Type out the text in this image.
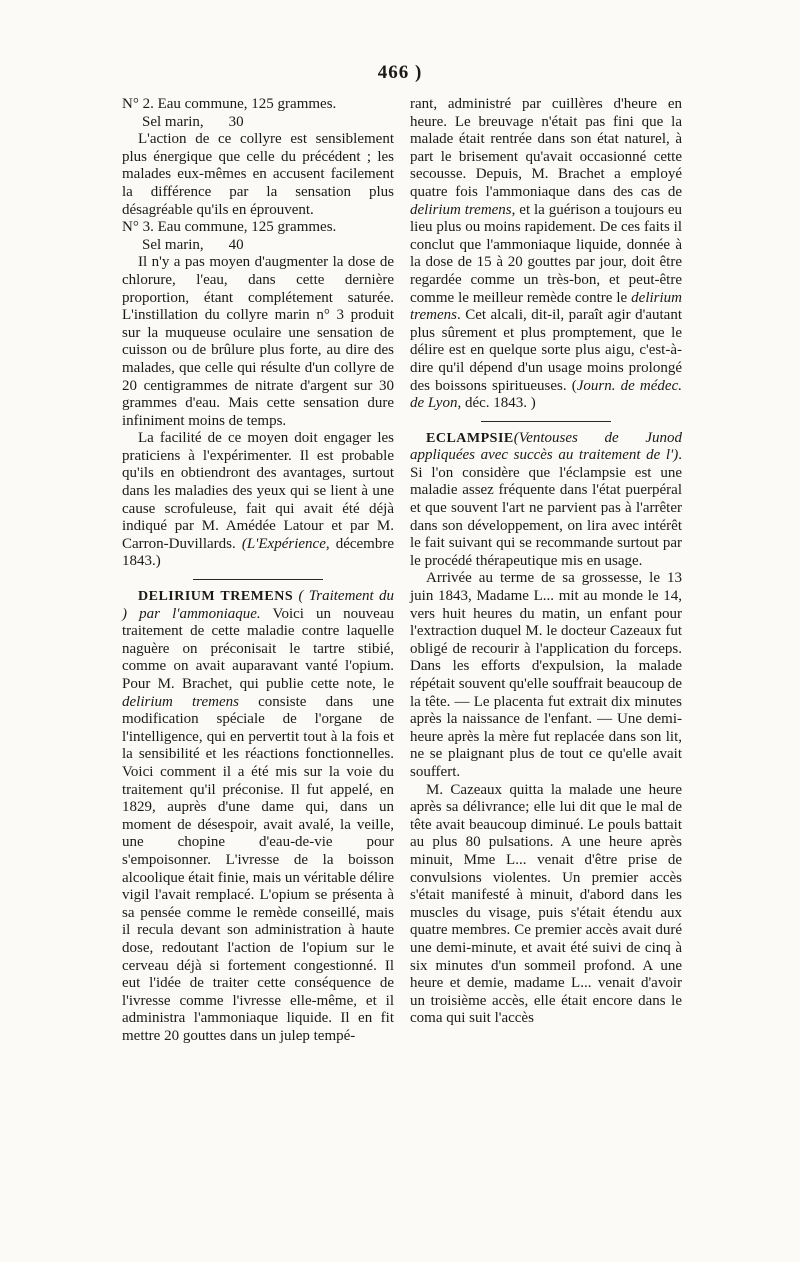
466 )
N° 2. Eau commune, 125 grammes.
Sel marin, 30

L'action de ce collyre est sensiblement plus énergique que celle du précédent ; les malades eux-mêmes en accusent facilement la différence par la sensation plus désagréable qu'ils en éprouvent.

N° 3. Eau commune, 125 grammes.
Sel marin, 40

Il n'y a pas moyen d'augmenter la dose de chlorure, l'eau, dans cette dernière proportion, étant complétement saturée. L'instillation du collyre marin n° 3 produit sur la muqueuse oculaire une sensation de cuisson ou de brûlure plus forte, au dire des malades, que celle qui résulte d'un collyre de 20 centigrammes de nitrate d'argent sur 30 grammes d'eau. Mais cette sensation dure infiniment moins de temps.

La facilité de ce moyen doit engager les praticiens à l'expérimenter. Il est probable qu'ils en obtiendront des avantages, surtout dans les maladies des yeux qui se lient à une cause scrofuleuse, fait qui avait été déjà indiqué par M. Amédée Latour et par M. Carron-Duvillards. (L'Expérience, décembre 1843.)

DELIRIUM TREMENS ( Traitement du ) par l'ammoniaque. Voici un nouveau traitement de cette maladie contre laquelle naguère on préconisait le tartre stibié, comme on avait auparavant vanté l'opium. Pour M. Brachet, qui publie cette note, le delirium tremens consiste dans une modification spéciale de l'organe de l'intelligence, qui en pervertit tout à la fois et la sensibilité et les réactions fonctionnelles. Voici comment il a été mis sur la voie du traitement qu'il préconise. Il fut appelé, en 1829, auprès d'une dame qui, dans un moment de désespoir, avait avalé, la veille, une chopine d'eau-de-vie pour s'empoisonner. L'ivresse de la boisson alcoolique était finie, mais un véritable délire vigil l'avait remplacé. L'opium se présenta à sa pensée comme le remède conseillé, mais il recula devant son administration à haute dose, redoutant l'action de l'opium sur le cerveau déjà si fortement congestionné. Il eut l'idée de traiter cette conséquence de l'ivresse comme l'ivresse elle-même, et il administra l'ammoniaque liquide. Il en fit mettre 20 gouttes dans un julep tempé-

rant, administré par cuillères d'heure en heure. Le breuvage n'était pas fini que la malade était rentrée dans son état naturel, à part le brisement qu'avait occasionné cette secousse. Depuis, M. Brachet a employé quatre fois l'ammoniaque dans des cas de delirium tremens, et la guérison a toujours eu lieu plus ou moins rapidement. De ces faits il conclut que l'ammoniaque liquide, donnée à la dose de 15 à 20 gouttes par jour, doit être regardée comme un très-bon, et peut-être comme le meilleur remède contre le delirium tremens. Cet alcali, dit-il, paraît agir d'autant plus sûrement et plus promptement, que le délire est en quelque sorte plus aigu, c'est-à-dire qu'il dépend d'un usage moins prolongé des boissons spiritueuses. (Journ. de médec. de Lyon, déc. 1843. )

ECLAMPSIE(Ventouses de Junod appliquées avec succès au traitement de l'). Si l'on considère que l'éclampsie est une maladie assez fréquente dans l'état puerpéral et que souvent l'art ne parvient pas à l'arrêter dans son développement, on lira avec intérêt le fait suivant qui se recommande surtout par le procédé thérapeutique mis en usage.

Arrivée au terme de sa grossesse, le 13 juin 1843, Madame L... mit au monde le 14, vers huit heures du matin, un enfant pour l'extraction duquel M. le docteur Cazeaux fut obligé de recourir à l'application du forceps. Dans les efforts d'expulsion, la malade répétait souvent qu'elle souffrait beaucoup de la tête. — Le placenta fut extrait dix minutes après la naissance de l'enfant. — Une demi-heure après la mère fut replacée dans son lit, ne se plaignant plus de tout ce qu'elle avait souffert.

M. Cazeaux quitta la malade une heure après sa délivrance; elle lui dit que le mal de tête avait beaucoup diminué. Le pouls battait au plus 80 pulsations. A une heure après minuit, Mme L... venait d'être prise de convulsions violentes. Un premier accès s'était manifesté à minuit, d'abord dans les muscles du visage, puis s'était étendu aux quatre membres. Ce premier accès avait duré une demi-minute, et avait été suivi de cinq à six minutes d'un sommeil profond. A une heure et demie, madame L... venait d'avoir un troisième accès, elle était encore dans le coma qui suit l'accès
